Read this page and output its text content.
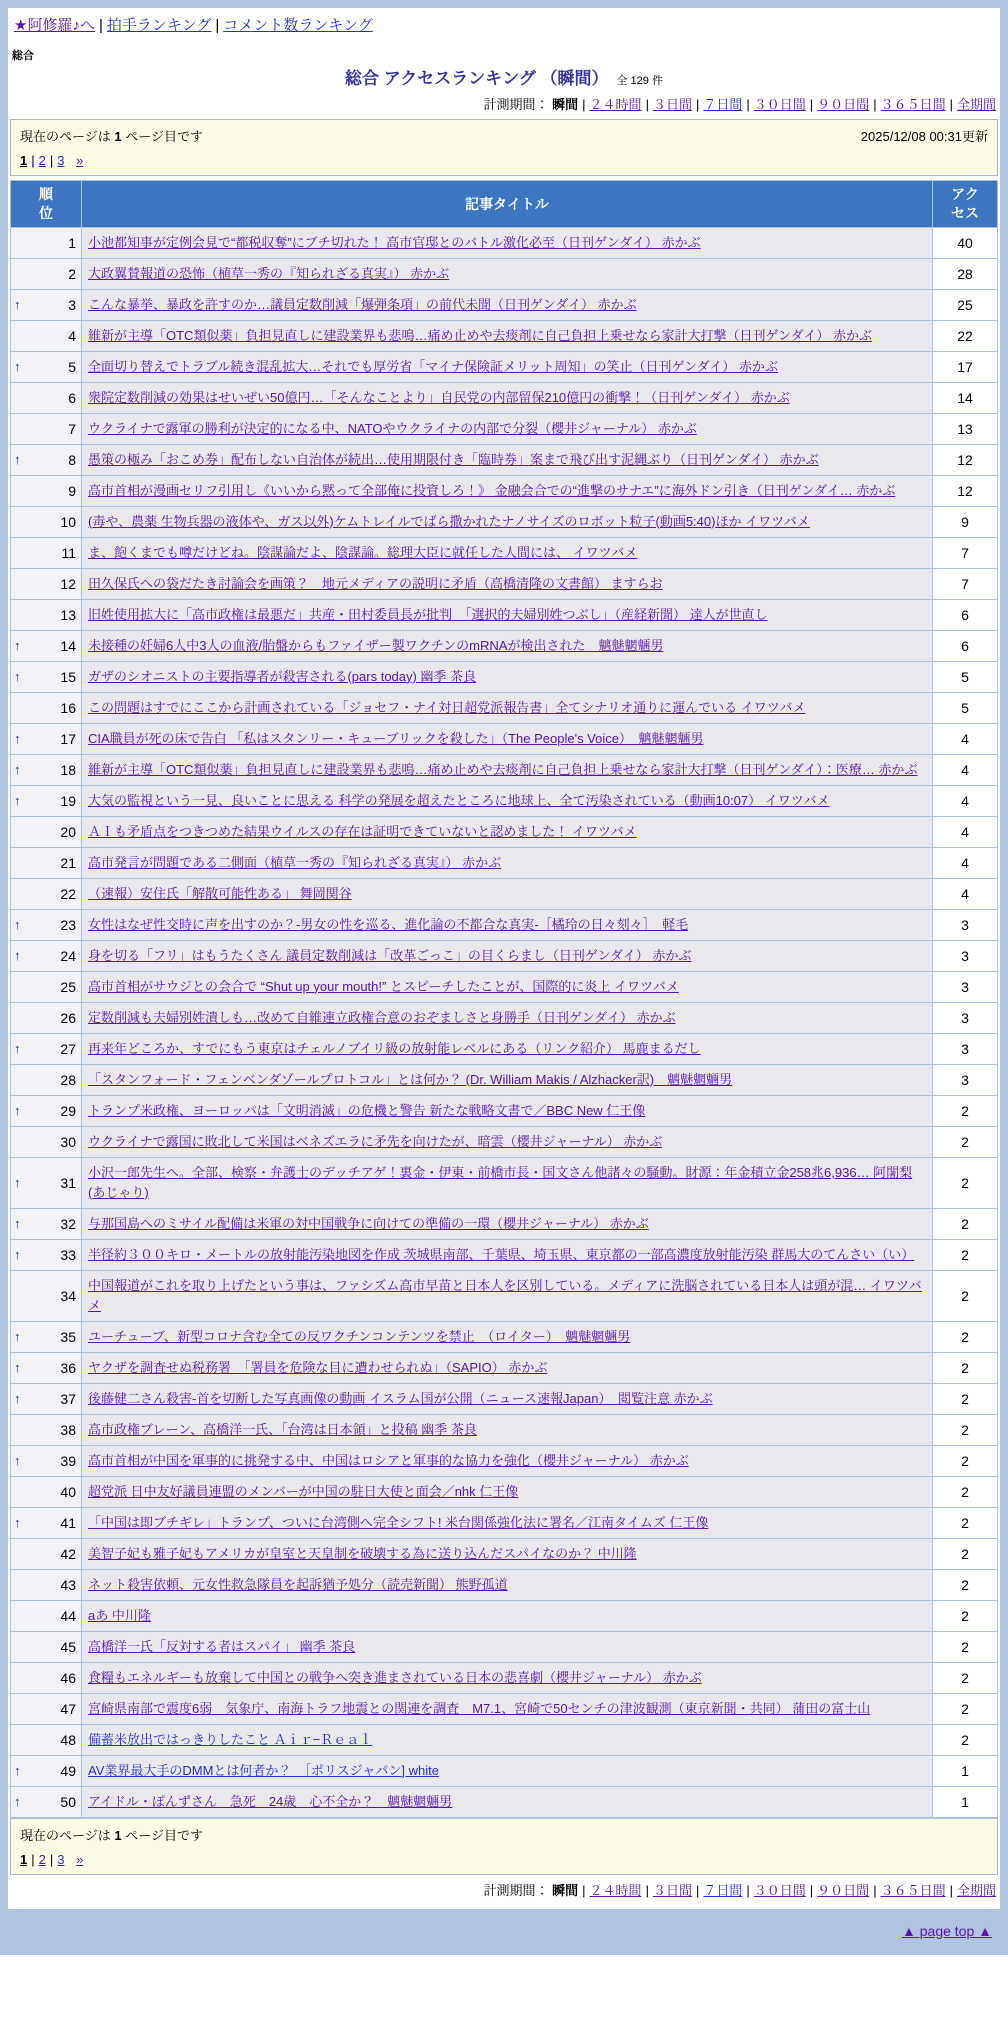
★阿修羅♪へ | 拍手ランキング | コメント数ランキング
総合
総合 アクセスランキング （瞬間） 全 129 件
計測期間： 瞬間 | ２４時間 | ３日間 | ７日間 | ３０日間 | ９０日間 | ３６５日間 | 全期間
現在のページは 1 ページ目です	2025/12/08 00:31更新
1 | 2 | 3 »
順位	記事タイトル	アクセス

1	小池都知事が定例会見で“都税収奪”にブチ切れた！ 高市官邸とのバトル激化必至（日刊ゲンダイ） 赤かぶ	40

2	大政翼賛報道の恐怖（植草一秀の『知られざる真実』） 赤かぶ	28

↑ 3	こんな暴挙、暴政を許すのか…議員定数削減「爆弾条項」の前代未聞（日刊ゲンダイ） 赤かぶ	25

4	維新が主導「OTC類似薬」負担見直しに建設業界も悲鳴…痛め止めや去痰剤に自己負担上乗せなら家計大打撃（日刊ゲンダイ） 赤かぶ	22

↑ 5	全面切り替えでトラブル続き混乱拡大…それでも厚労省「マイナ保険証メリット周知」の笑止（日刊ゲンダイ） 赤かぶ	17

6	衆院定数削減の効果はせいぜい50億円…「そんなことより」自民党の内部留保210億円の衝撃！（日刊ゲンダイ） 赤かぶ	14

7	ウクライナで露軍の勝利が決定的になる中、NATOやウクライナの内部で分裂（櫻井ジャーナル） 赤かぶ	13

↑ 8	愚策の極み「おこめ券」配布しない自治体が続出…使用期限付き「臨時券」案まで飛び出す泥縄ぶり（日刊ゲンダイ） 赤かぶ	12

9	高市首相が漫画セリフ引用し《いいから黙って全部俺に投資しろ！》 金融会合での“進撃のサナエ”に海外ドン引き（日刊ゲンダイ… 赤かぶ	12

10	(毒や、農薬 生物兵器の液体や、ガス以外)ケムトレイルでばら撒かれたナノサイズのロボット粒子(動画5:40)ほか イワツバメ	9

11	ま、飽くまでも噂だけどね。陰謀論だよ、陰謀論。総理大臣に就任した人間には、 イワツバメ	7

12	田久保氏への袋だたき討論会を画策？　地元メディアの説明に矛盾（高橋清隆の文書館） ますらお	7

13	旧姓使用拡大に「高市政権は最悪だ」共産・田村委員長が批判　「選択的夫婦別姓つぶし」（産経新聞） 達人が世直し	6

↑ 14	未接種の妊婦6人中3人の血液/胎盤からもファイザー製ワクチンのmRNAが検出された　魑魅魍魎男	6

↑ 15	ガザのシオニストの主要指導者が殺害される(pars today) 幽季 茶良	5

16	この問題はすでにここから計画されている「ジョセフ・ナイ対日超党派報告書」全てシナリオ通りに運んでいる イワツバメ	5

↑ 17	CIA職員が死の床で告白 「私はスタンリー・キューブリックを殺した」（The People's Voice）　魑魅魍魎男	4

↑ 18	維新が主導「OTC類似薬」負担見直しに建設業界も悲鳴…痛め止めや去痰剤に自己負担上乗せなら家計大打撃（日刊ゲンダイ）：医療… 赤かぶ	4

↑ 19	大気の監視という一見、良いことに思える 科学の発展を超えたところに地球上、全て汚染されている（動画10:07） イワツバメ	4

20	ＡＩも矛盾点をつきつめた結果ウイルスの存在は証明できていないと認めました！ イワツバメ	4

21	高市発言が問題である二側面（植草一秀の『知られざる真実』） 赤かぶ	4

22	（速報）安住氏「解散可能性ある」 舞岡関谷	4

↑ 23	女性はなぜ性交時に声を出すのか？-男女の性を巡る、進化論の不都合な真実-［橘玲の日々刻々］　軽毛	3

↑ 24	身を切る「フリ」はもうたくさん 議員定数削減は「改革ごっこ」の目くらまし（日刊ゲンダイ） 赤かぶ	3

25	高市首相がサウジとの会合で “Shut up your mouth!” とスピーチしたことが、国際的に炎上 イワツバメ	3

26	定数削減も夫婦別姓潰しも…改めて自維連立政権合意のおぞましさと身勝手（日刊ゲンダイ） 赤かぶ	3

↑ 27	再来年どころか、すでにもう東京はチェルノブイリ級の放射能レベルにある（リンク紹介） 馬鹿まるだし	3

28	「スタンフォード・フェンベンダゾールプロトコル」とは何か？ (Dr. William Makis / Alzhacker訳)　魑魅魍魎男	3

↑ 29	トランプ米政権、ヨーロッパは「文明消滅」の危機と警告 新たな戦略文書で／BBC New 仁王像	2

30	ウクライナで露国に敗北して米国はベネズエラに矛先を向けたが、暗雲（櫻井ジャーナル） 赤かぶ	2

↑ 31	小沢一郎先生へ。全部、検察・弁護士のデッチアゲ！裏金・伊東・前橋市長・国文さん他諸々の騒動。財源：年金積立金258兆6,936… 阿闍梨(あじゃり)	2

↑ 32	与那国島へのミサイル配備は米軍の対中国戦争に向けての準備の一環（櫻井ジャーナル） 赤かぶ	2

↑ 33	半径約３００キロ・メートルの放射能汚染地図を作成 茨城県南部、千葉県、埼玉県、東京都の一部高濃度放射能汚染 群馬大のてんさい（い）	2

34	中国報道がこれを取り上げたという事は、ファシズム高市早苗と日本人を区別している。メディアに洗脳されている日本人は頭が混… イワツバメ	2

↑ 35	ユーチューブ、新型コロナ含む全ての反ワクチンコンテンツを禁止　（ロイター）　魑魅魍魎男	2

↑ 36	ヤクザを調査せぬ税務署　「署員を危険な目に遭わせられぬ」（SAPIO） 赤かぶ	2

↑ 37	後藤健二さん殺害-首を切断した写真画像の動画 イスラム国が公開（ニュース速報Japan）　閲覧注意 赤かぶ	2

38	高市政権ブレーン、高橋洋一氏、「台湾は日本領」と投稿 幽季 茶良	2

↑ 39	高市首相が中国を軍事的に挑発する中、中国はロシアと軍事的な協力を強化（櫻井ジャーナル） 赤かぶ	2

40	超党派 日中友好議員連盟のメンバーが中国の駐日大使と面会／nhk 仁王像	2

↑ 41	「中国は即ブチギレ」トランプ、ついに台湾側へ完全シフト! 米台関係強化法に署名／江南タイムズ 仁王像	2

42	美智子妃も雅子妃もアメリカが皇室と天皇制を破壊する為に送り込んだスパイなのか？ 中川隆	2

43	ネット殺害依頼、元女性救急隊員を起訴猶予処分（読売新聞） 熊野孤道	2

44	aあ 中川隆	2

45	高橋洋一氏「反対する者はスパイ」 幽季 茶良	2

46	食糧もエネルギーも放棄して中国との戦争へ突き進まされている日本の悲喜劇（櫻井ジャーナル） 赤かぶ	2

47	宮崎県南部で震度6弱　気象庁、南海トラフ地震との関連を調査　M7.1、宮崎で50センチの津波観測（東京新聞・共同） 蒲田の富士山	2

48	備蓄米放出ではっきりしたこと Ａｉｒ−Ｒｅａｌ	2

↑ 49	AV業界最大手のDMMとは何者か？　［ポリスジャパン] white	1

↑ 50	アイドル・ぽんずさん　急死　24歳　心不全か？　魑魅魍魎男	1
現在のページは 1 ページ目です
1 | 2 | 3 »
計測期間： 瞬間 | ２４時間 | ３日間 | ７日間 | ３０日間 | ９０日間 | ３６５日間 | 全期間
▲ page top ▲
